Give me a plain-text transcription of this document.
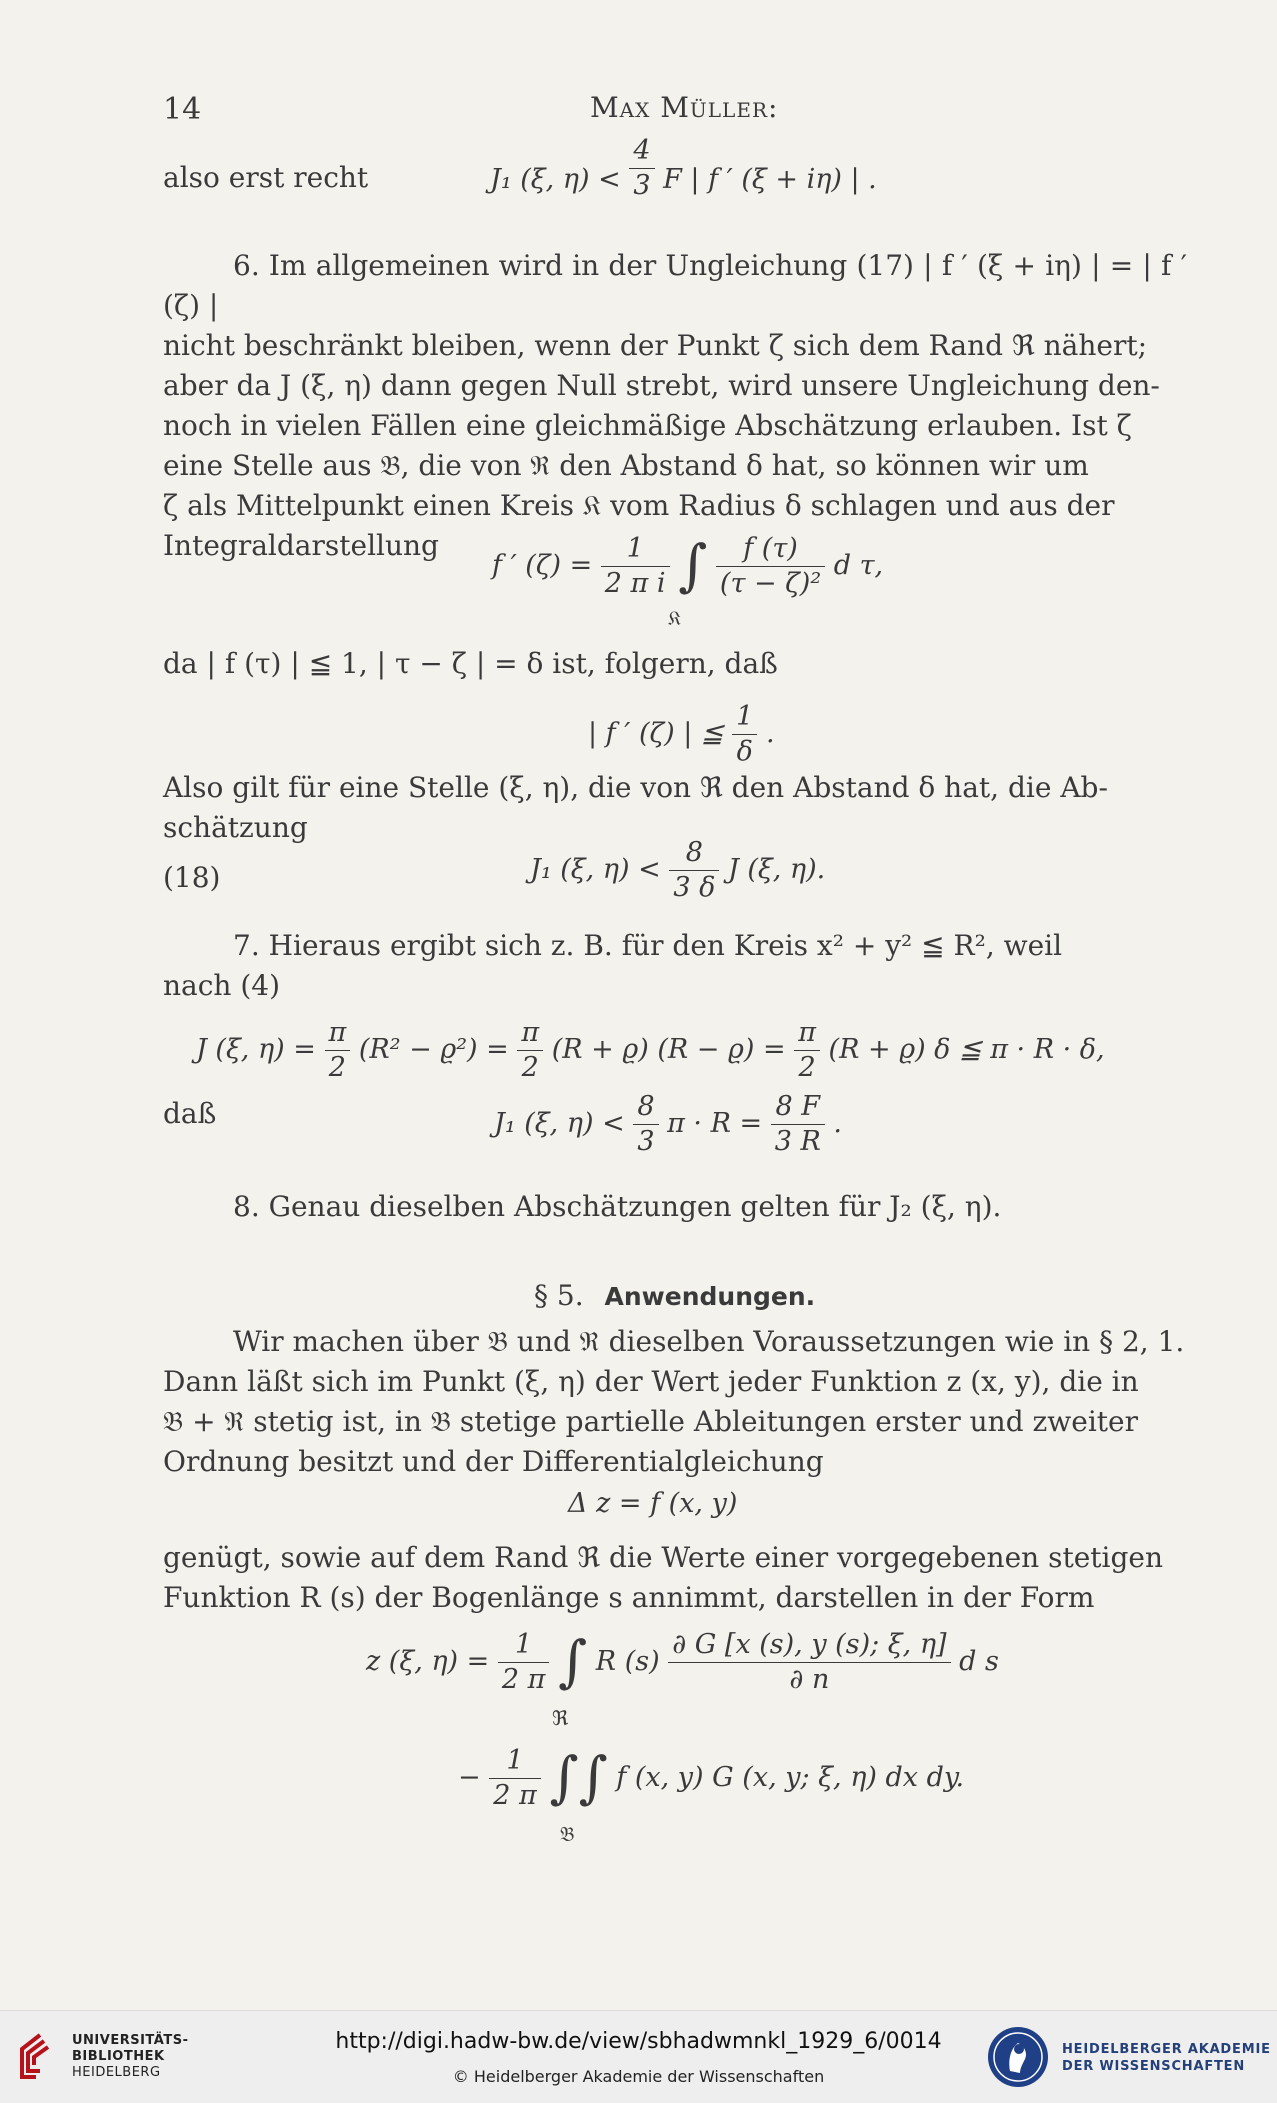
14	Max Müller:
also erst recht	J₁ (ξ, $\eta) < \frac{4}{3}$ F | f ′ (ξ + iη) | .

6. Im allgemeinen wird in der Ungleichung (17) | f ′ (ξ + iη) | = | f ′ (ζ) |

nicht beschränkt bleiben, wenn der Punkt ζ sich dem Rand ℜ nähert;

aber da J (ξ, η) dann gegen Null strebt, wird unsere Ungleichung den-

noch in vielen Fällen eine gleichmäßige Abschätzung erlauben. Ist ζ

eine Stelle aus 𝔅, die von ℜ den Abstand δ hat, so können wir um

ζ als Mittelpunkt einen Kreis 𝔎 vom Radius δ schlagen und aus der

Integraldarstellung

f ′ $(\zeta) = \frac{1}{\text{2 π i}}$ ∫ $\frac{f (\tau)}{\text{(τ − ζ)²}}$ d τ,
𝔎
da | f (τ) | ≦ 1, | τ − ζ | = δ ist, folgern, daß
| f ′ (ζ) | ≦ $\frac{1}{\delta}$ .

Also gilt für eine Stelle (ξ, η), die von ℜ den Abstand δ hat, die Ab-

schätzung

(18)	J₁ (ξ, $\eta) < \frac{8}{3 \delta}$ J (ξ, η).

7. Hieraus ergibt sich z. B. für den Kreis x² + y² ≦ R², weil

nach (4)

J (ξ, $\eta) = \frac{\pi}{2} (R^2 - ϱ^2) = \frac{\pi}{2} (R + ϱ) (R - ϱ) = \frac{\pi}{2} (R + ϱ)$ δ ≦ π · R · δ,
daß	J₁ (ξ, $\eta) < \frac{8}{3}$ $\pi \cdot R = \frac{8 F}{3 R}$ .
8. Genau dieselben Abschätzungen gelten für J₂ (ξ, η).
§ 5. Anwendungen.

Wir machen über 𝔅 und ℜ dieselben Voraussetzungen wie in § 2, 1.

Dann läßt sich im Punkt (ξ, η) der Wert jeder Funktion z (x, y), die in

𝔅 + ℜ stetig ist, in 𝔅 stetige partielle Ableitungen erster und zweiter

Ordnung besitzt und der Differentialgleichung

Δ z = f (x, y)

genügt, sowie auf dem Rand ℜ die Werte einer vorgegebenen stetigen

Funktion R (s) der Bogenlänge s annimmt, darstellen in der Form

z (ξ, $\eta) = \frac{1}{2 \pi}$ ∫ R $(s) \frac{\partial G [x (s), y (s); \xi, \eta]}{\partial n}$ d s
ℜ
− $\frac{1}{2 \pi}$ ∫∫ f (x, y) G (x, y; ξ, η) dx dy.
𝔅
UNIVERSITÄTS-
BIBLIOTHEK
HEIDELBERG
http://digi.hadw-bw.de/view/sbhadwmnkl_1929_6/0014
© Heidelberger Akademie der Wissenschaften
HEIDELBERGER AKADEMIE
DER WISSENSCHAFTEN
